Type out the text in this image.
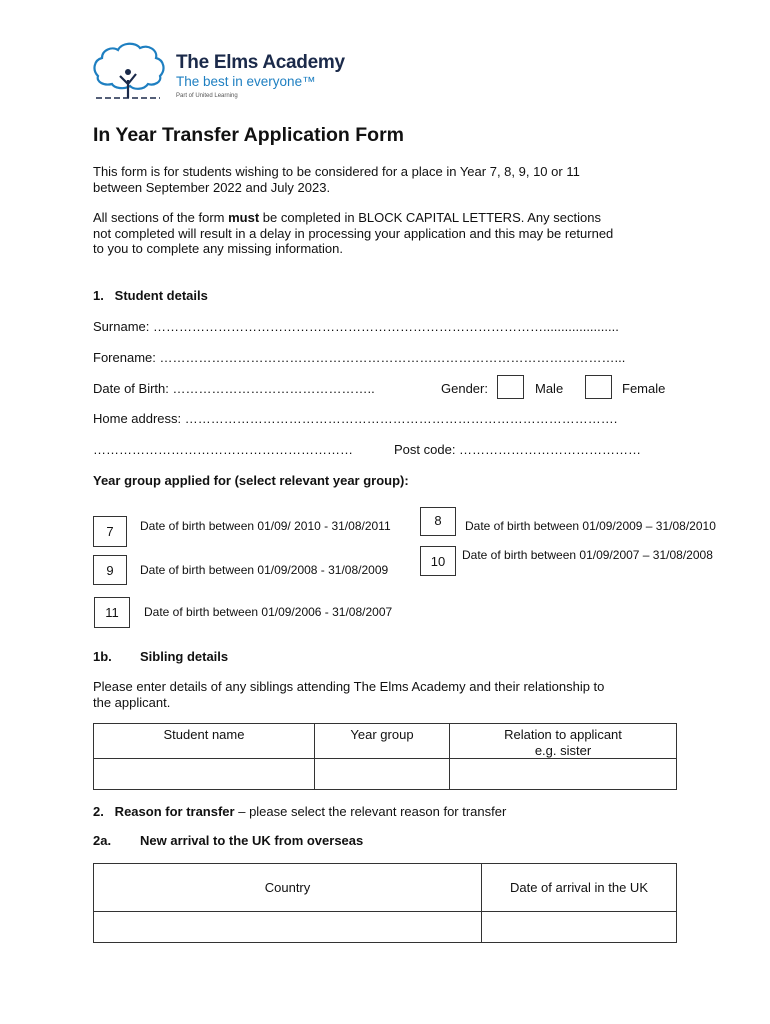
The Elms Academy
The best in everyone™
Part of United Learning
In Year Transfer Application Form
This form is for students wishing to be considered for a place in Year 7, 8, 9, 10 or 11
between September 2022 and July 2023.
All sections of the form must be completed in BLOCK CAPITAL LETTERS. Any sections
not completed will result in a delay in processing your application and this may be returned
to you to complete any missing information.
1.   Student details
Surname: ……………………………………………………………………………….....................
Forename: ……………………………………………………………………………………………...
Date of Birth: ………………………………………..	Gender:	Male	Female
Home address: ……………………………………………………………………………………….
……………………………………………………	Post code: ……………………………………
Year group applied for (select relevant year group):
7	Date of birth between 01/09/ 2010 - 31/08/2011	8	Date of birth between 01/09/2009 – 31/08/2010
9	Date of birth between 01/09/2008 - 31/08/2009
10	Date of birth between 01/09/2007 – 31/08/2008
11	Date of birth between 01/09/2006 - 31/08/2007
1b. Sibling details
Please enter details of any siblings attending The Elms Academy and their relationship to
the applicant.
Student name	Year group	Relation to applicant
e.g. sister

2.   Reason for transfer – please select the relevant reason for transfer
2a. New arrival to the UK from overseas
Country	Date of arrival in the UK
